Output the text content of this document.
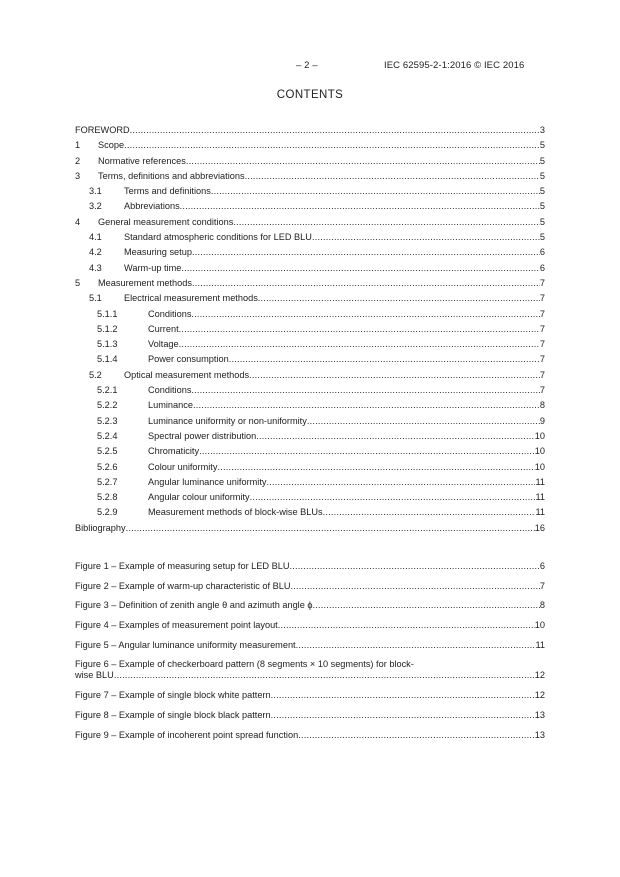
– 2 –	IEC 62595-2-1:2016 © IEC 2016
CONTENTS
FOREWORD .....	3
1 Scope .....	5
2 Normative references .....	5
3 Terms, definitions and abbreviations .....	5
3.1 Terms and definitions .....	5
3.2 Abbreviations .....	5
4 General measurement conditions .....	5
4.1 Standard atmospheric conditions for LED BLU .....	5
4.2 Measuring setup .....	6
4.3 Warm-up time .....	6
5 Measurement methods .....	7
5.1 Electrical measurement methods .....	7
5.1.1	Conditions .....	7
5.1.2	Current .....	7
5.1.3	Voltage .....	7
5.1.4	Power consumption .....	7
5.2 Optical measurement methods .....	7
5.2.1	Conditions .....	7
5.2.2	Luminance .....	8
5.2.3	Luminance uniformity or non-uniformity .....	9
5.2.4	Spectral power distribution .....	10
5.2.5	Chromaticity .....	10
5.2.6	Colour uniformity .....	10
5.2.7	Angular luminance uniformity .....	11
5.2.8	Angular colour uniformity .....	11
5.2.9	Measurement methods of block-wise BLUs .....	11
Bibliography .....	16
Figure 1 – Example of measuring setup for LED BLU .....	6
Figure 2 – Example of warm-up characteristic of BLU .....	7
Figure 3 – Definition of zenith angle θ and azimuth angle ϕ .....	8
Figure 4 – Examples of measurement point layout .....	10
Figure 5 – Angular luminance uniformity measurement .....	11
Figure 6 – Example of checkerboard pattern (8 segments × 10 segments) for block-
wise BLU .....	12
Figure 7 – Example of single block white pattern .....	12
Figure 8 – Example of single block black pattern .....	13
Figure 9 – Example of incoherent point spread function .....	13
